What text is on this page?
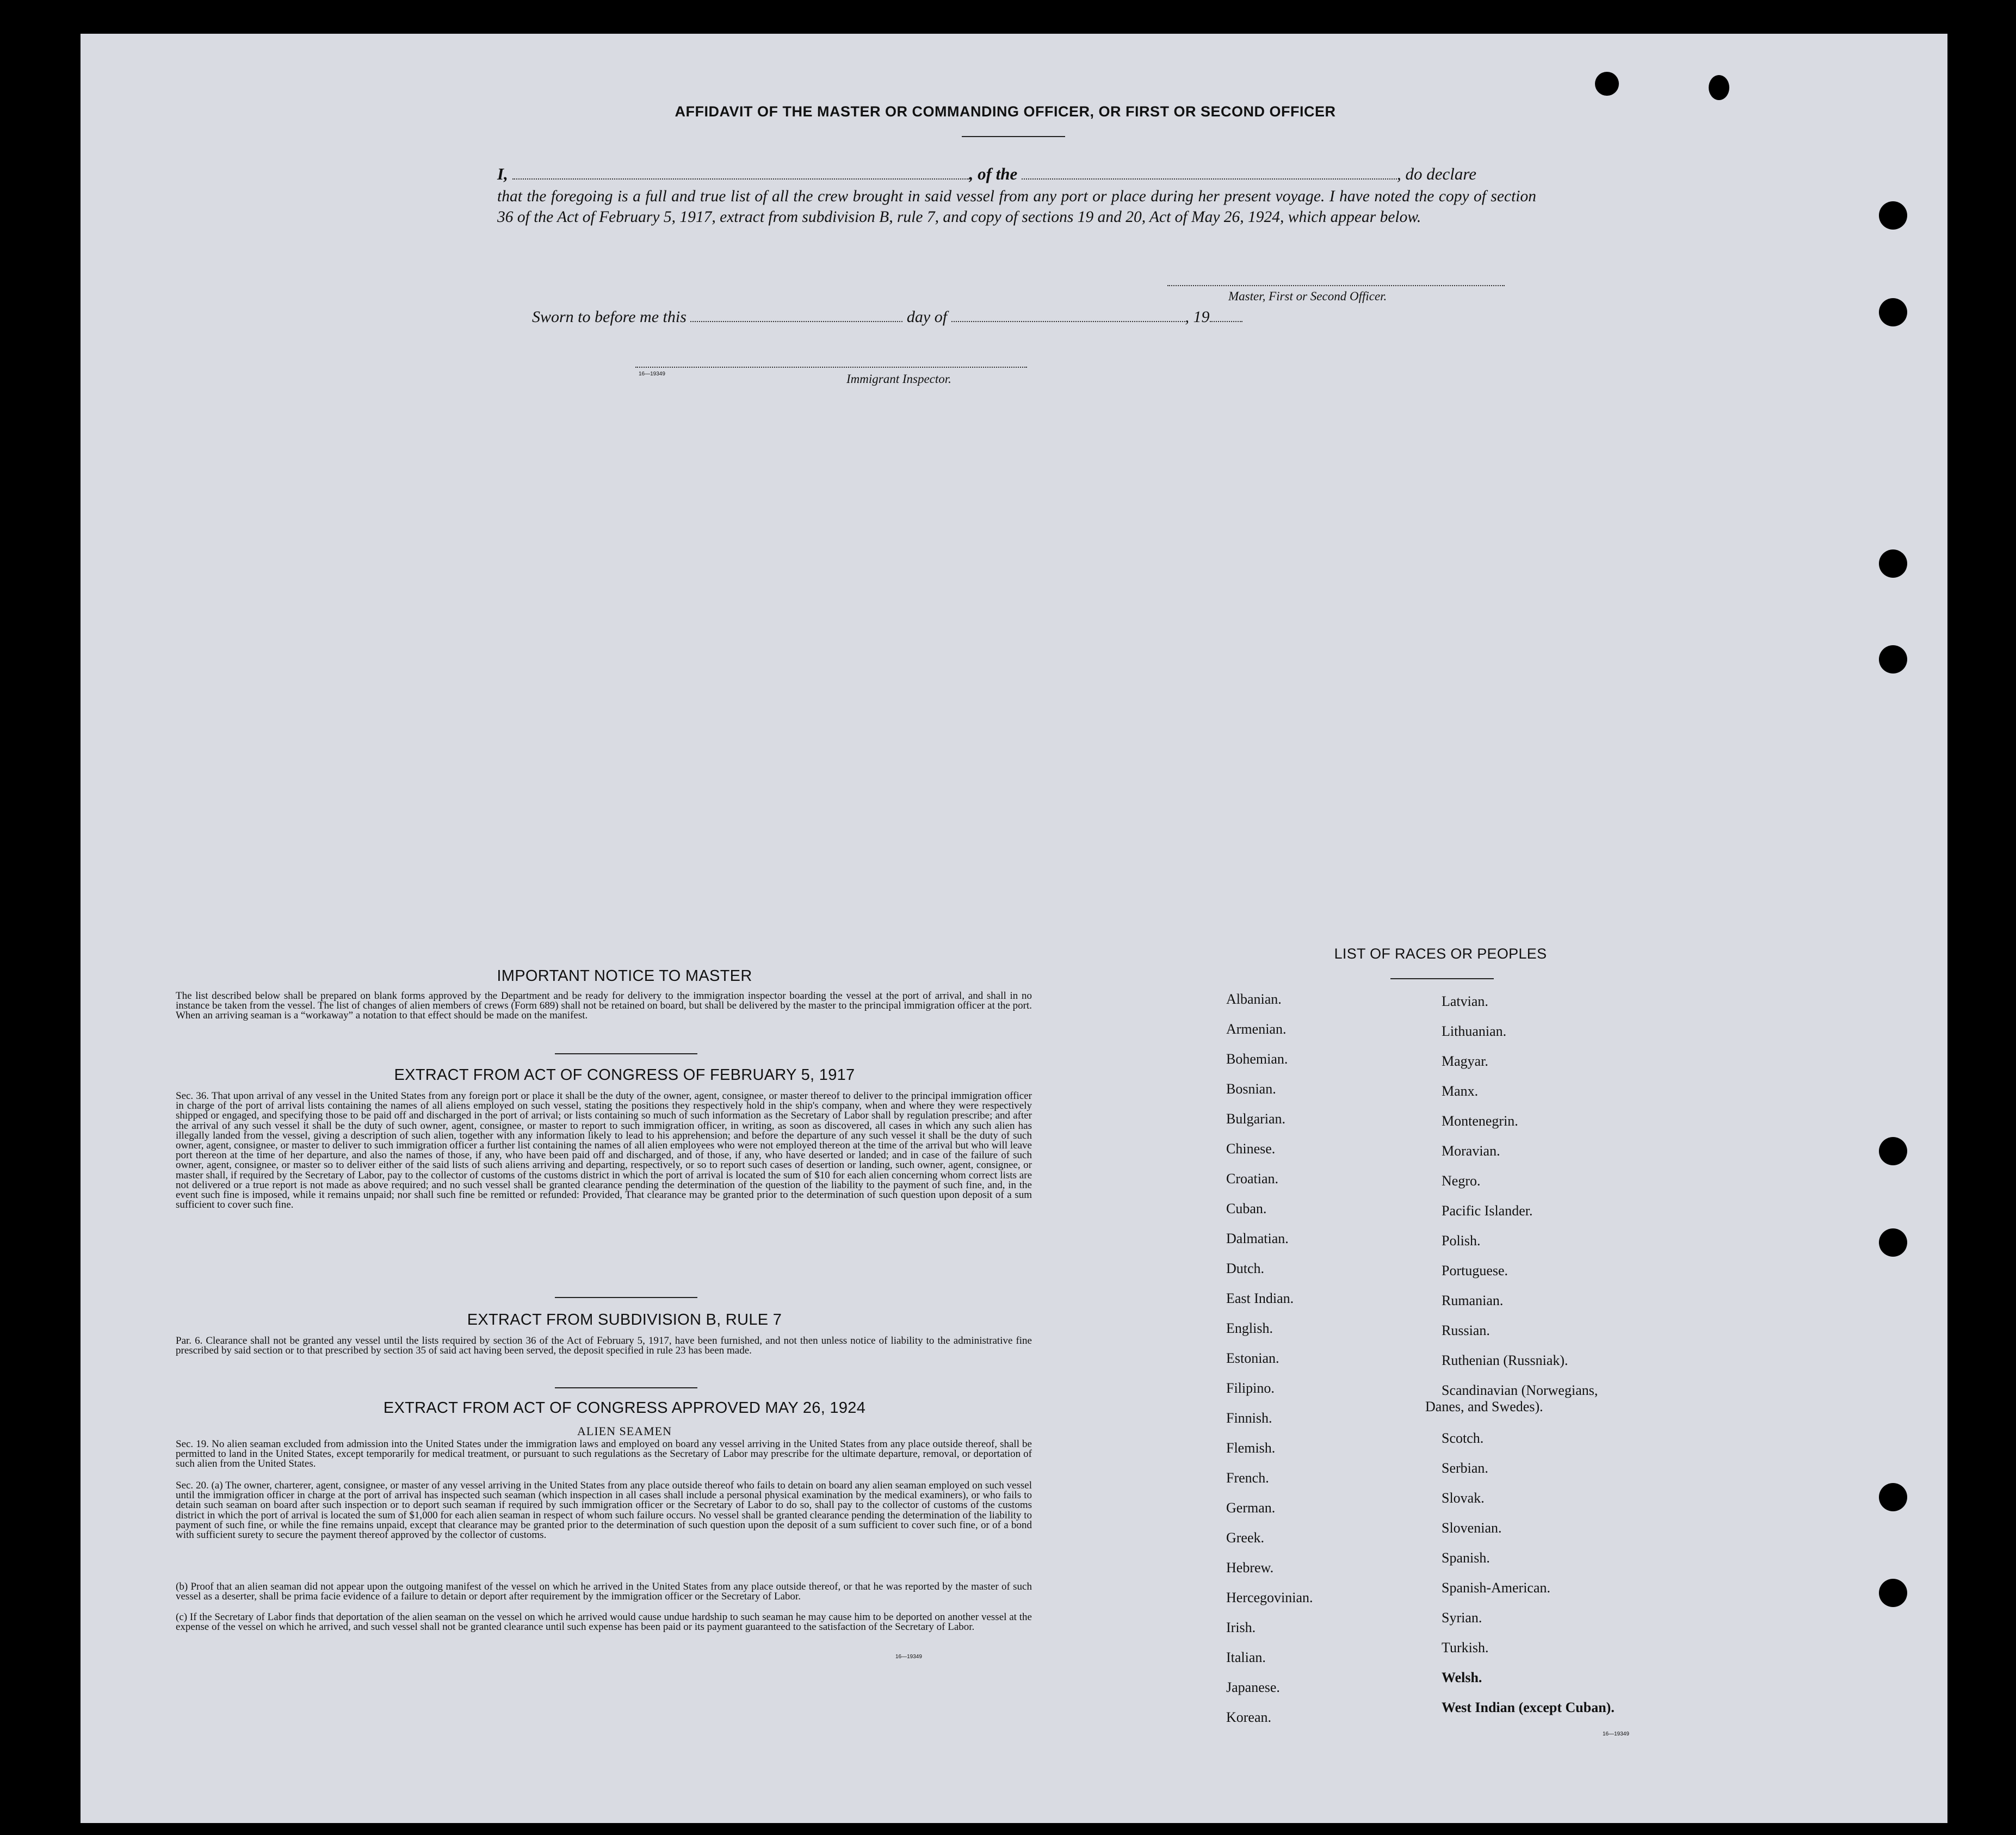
AFFIDAVIT OF THE MASTER OR COMMANDING OFFICER, OR FIRST OR SECOND OFFICER
I,	, of the	, do declare
that the foregoing is a full and true list of all the crew brought in said vessel from any port or place during her present voyage. I have noted the copy of section 36 of the Act of February 5, 1917, extract from subdivision B, rule 7, and copy of sections 19 and 20, Act of May 26, 1924, which appear below.
Master, First or Second Officer.
Sworn to before me this	day of	, 19
16—19349	Immigrant Inspector.
IMPORTANT NOTICE TO MASTER
The list described below shall be prepared on blank forms approved by the Department and be ready for delivery to the immigration inspector boarding the vessel at the port of arrival, and shall in no instance be taken from the vessel. The list of changes of alien members of crews (Form 689) shall not be retained on board, but shall be delivered by the master to the principal immigration officer at the port. When an arriving seaman is a “workaway” a notation to that effect should be made on the manifest.
EXTRACT FROM ACT OF CONGRESS OF FEBRUARY 5, 1917
Sec. 36. That upon arrival of any vessel in the United States from any foreign port or place it shall be the duty of the owner, agent, consignee, or master thereof to deliver to the principal immigration officer in charge of the port of arrival lists containing the names of all aliens employed on such vessel, stating the positions they respectively hold in the ship's company, when and where they were respectively shipped or engaged, and specifying those to be paid off and discharged in the port of arrival; or lists containing so much of such information as the Secretary of Labor shall by regulation prescribe; and after the arrival of any such vessel it shall be the duty of such owner, agent, consignee, or master to report to such immigration officer, in writing, as soon as discovered, all cases in which any such alien has illegally landed from the vessel, giving a description of such alien, together with any information likely to lead to his apprehension; and before the departure of any such vessel it shall be the duty of such owner, agent, consignee, or master to deliver to such immigration officer a further list containing the names of all alien employees who were not employed thereon at the time of the arrival but who will leave port thereon at the time of her departure, and also the names of those, if any, who have been paid off and discharged, and of those, if any, who have deserted or landed; and in case of the failure of such owner, agent, consignee, or master so to deliver either of the said lists of such aliens arriving and departing, respectively, or so to report such cases of desertion or landing, such owner, agent, consignee, or master shall, if required by the Secretary of Labor, pay to the collector of customs of the customs district in which the port of arrival is located the sum of $10 for each alien concerning whom correct lists are not delivered or a true report is not made as above required; and no such vessel shall be granted clearance pending the determination of the question of the liability to the payment of such fine, and, in the event such fine is imposed, while it remains unpaid; nor shall such fine be remitted or refunded: Provided, That clearance may be granted prior to the determination of such question upon deposit of a sum sufficient to cover such fine.
EXTRACT FROM SUBDIVISION B, RULE 7
Par. 6. Clearance shall not be granted any vessel until the lists required by section 36 of the Act of February 5, 1917, have been furnished, and not then unless notice of liability to the administrative fine prescribed by said section or to that prescribed by section 35 of said act having been served, the deposit specified in rule 23 has been made.
EXTRACT FROM ACT OF CONGRESS APPROVED MAY 26, 1924
ALIEN SEAMEN
Sec. 19. No alien seaman excluded from admission into the United States under the immigration laws and employed on board any vessel arriving in the United States from any place outside thereof, shall be permitted to land in the United States, except temporarily for medical treatment, or pursuant to such regulations as the Secretary of Labor may prescribe for the ultimate departure, removal, or deportation of such alien from the United States.
Sec. 20. (a) The owner, charterer, agent, consignee, or master of any vessel arriving in the United States from any place outside thereof who fails to detain on board any alien seaman employed on such vessel until the immigration officer in charge at the port of arrival has inspected such seaman (which inspection in all cases shall include a personal physical examination by the medical examiners), or who fails to detain such seaman on board after such inspection or to deport such seaman if required by such immigration officer or the Secretary of Labor to do so, shall pay to the collector of customs of the customs district in which the port of arrival is located the sum of $1,000 for each alien seaman in respect of whom such failure occurs. No vessel shall be granted clearance pending the determination of the liability to payment of such fine, or while the fine remains unpaid, except that clearance may be granted prior to the determination of such question upon the deposit of a sum sufficient to cover such fine, or of a bond with sufficient surety to secure the payment thereof approved by the collector of customs.
(b) Proof that an alien seaman did not appear upon the outgoing manifest of the vessel on which he arrived in the United States from any place outside thereof, or that he was reported by the master of such vessel as a deserter, shall be prima facie evidence of a failure to detain or deport after requirement by the immigration officer or the Secretary of Labor.
(c) If the Secretary of Labor finds that deportation of the alien seaman on the vessel on which he arrived would cause undue hardship to such seaman he may cause him to be deported on another vessel at the expense of the vessel on which he arrived, and such vessel shall not be granted clearance until such expense has been paid or its payment guaranteed to the satisfaction of the Secretary of Labor.
16—19349
LIST OF RACES OR PEOPLES
Albanian.
Armenian.
Bohemian.
Bosnian.
Bulgarian.
Chinese.
Croatian.
Cuban.
Dalmatian.
Dutch.
East Indian.
English.
Estonian.
Filipino.
Finnish.
Flemish.
French.
German.
Greek.
Hebrew.
Hercegovinian.
Irish.
Italian.
Japanese.
Korean.
Latvian.
Lithuanian.
Magyar.
Manx.
Montenegrin.
Moravian.
Negro.
Pacific Islander.
Polish.
Portuguese.
Rumanian.
Russian.
Ruthenian (Russniak).
Scandinavian (Norwegians,
Danes, and Swedes).
Scotch.
Serbian.
Slovak.
Slovenian.
Spanish.
Spanish-American.
Syrian.
Turkish.
Welsh.
West Indian (except Cuban).
16—19349
